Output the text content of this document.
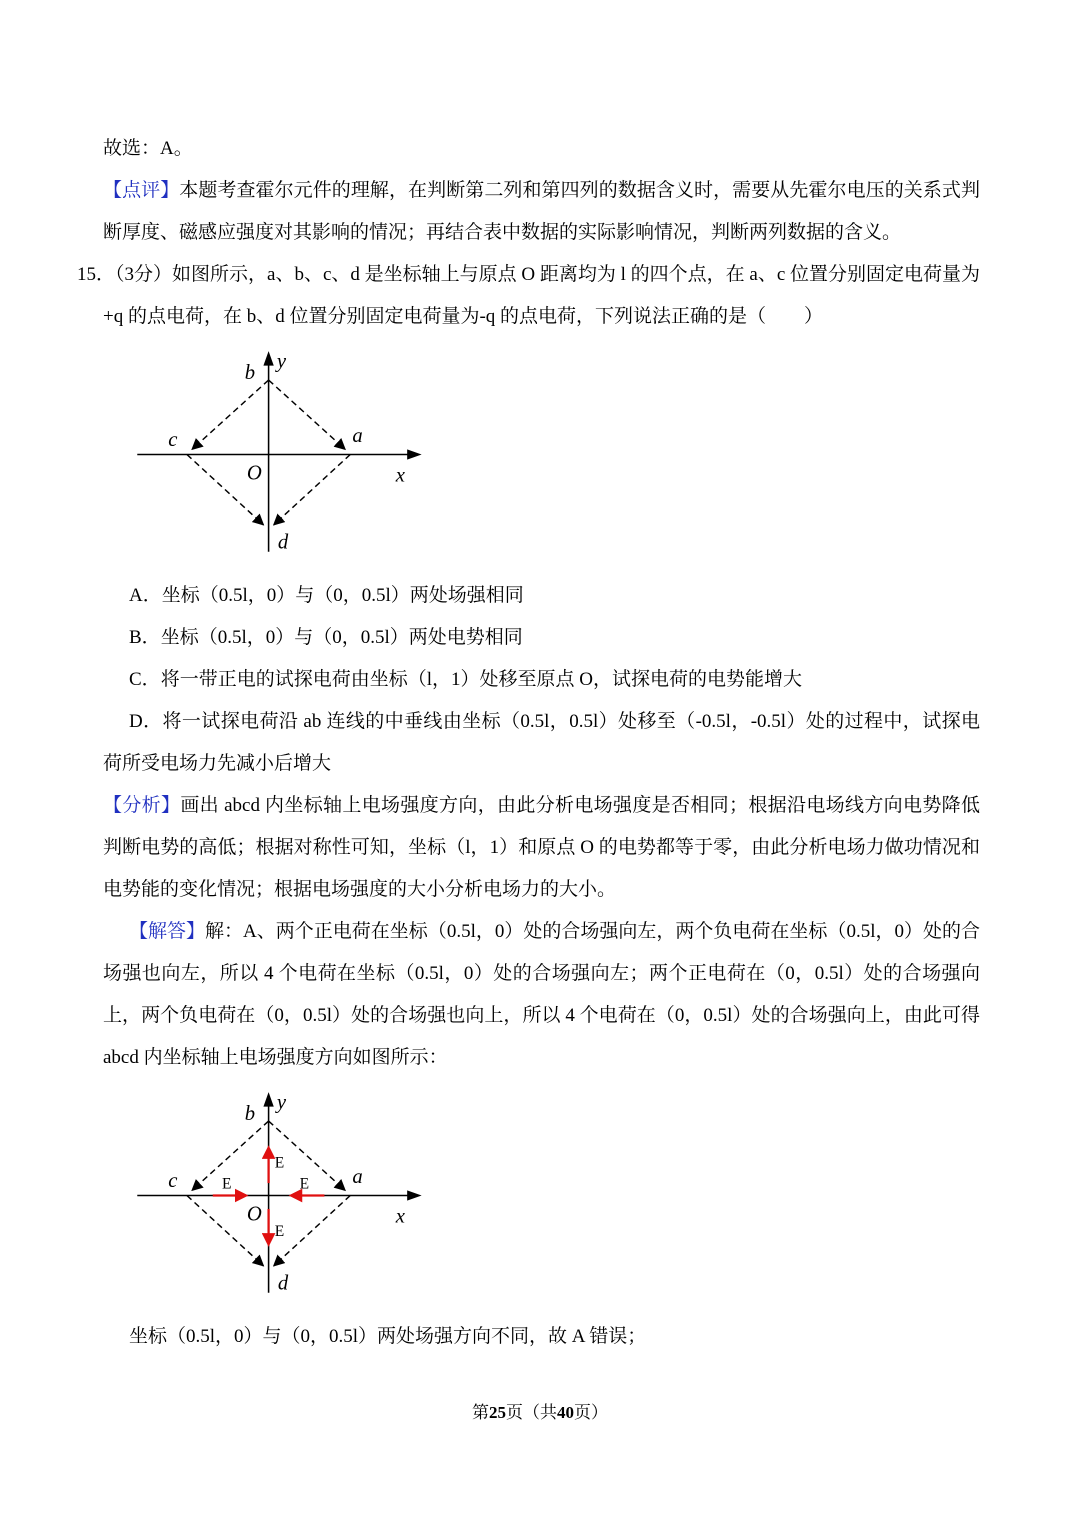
故选：A。

【点评】本题考查霍尔元件的理解，在判断第二列和第四列的数据含义时，需要从先霍尔电压的关系式判断厚度、磁感应强度对其影响的情况；再结合表中数据的实际影响情况，判断两列数据的含义。

15．（3分）如图所示，a、b、c、d 是坐标轴上与原点 O 距离均为 l 的四个点，在 a、c 位置分别固定电荷量为+q 的点电荷，在 b、d 位置分别固定电荷量为-q 的点电荷，下列说法正确的是（　　）

y
b
a
c
O	x
d

A．坐标（0.5l，0）与（0，0.5l）两处场强相同

B．坐标（0.5l，0）与（0，0.5l）两处电势相同

C．将一带正电的试探电荷由坐标（l，1）处移至原点 O，试探电荷的电势能增大

D．将一试探电荷沿 ab 连线的中垂线由坐标（0.5l，0.5l）处移至（-0.5l，-0.5l）处的过程中，试探电荷所受电场力先减小后增大

【分析】画出 abcd 内坐标轴上电场强度方向，由此分析电场强度是否相同；根据沿电场线方向电势降低判断电势的高低；根据对称性可知，坐标（l，1）和原点 O 的电势都等于零，由此分析电场力做功情况和电势能的变化情况；根据电场强度的大小分析电场力的大小。

【解答】解：A、两个正电荷在坐标（0.5l，0）处的合场强向左，两个负电荷在坐标（0.5l，0）处的合场强也向左，所以 4 个电荷在坐标（0.5l，0）处的合场强向左；两个正电荷在（0，0.5l）处的合场强向上，两个负电荷在（0，0.5l）处的合场强也向上，所以 4 个电荷在（0，0.5l）处的合场强向上，由此可得 abcd 内坐标轴上电场强度方向如图所示：

E
E
E	E
y
b
a
c
O	x
d

坐标（0.5l，0）与（0，0.5l）两处场强方向不同，故 A 错误；

第25页（共40页）
